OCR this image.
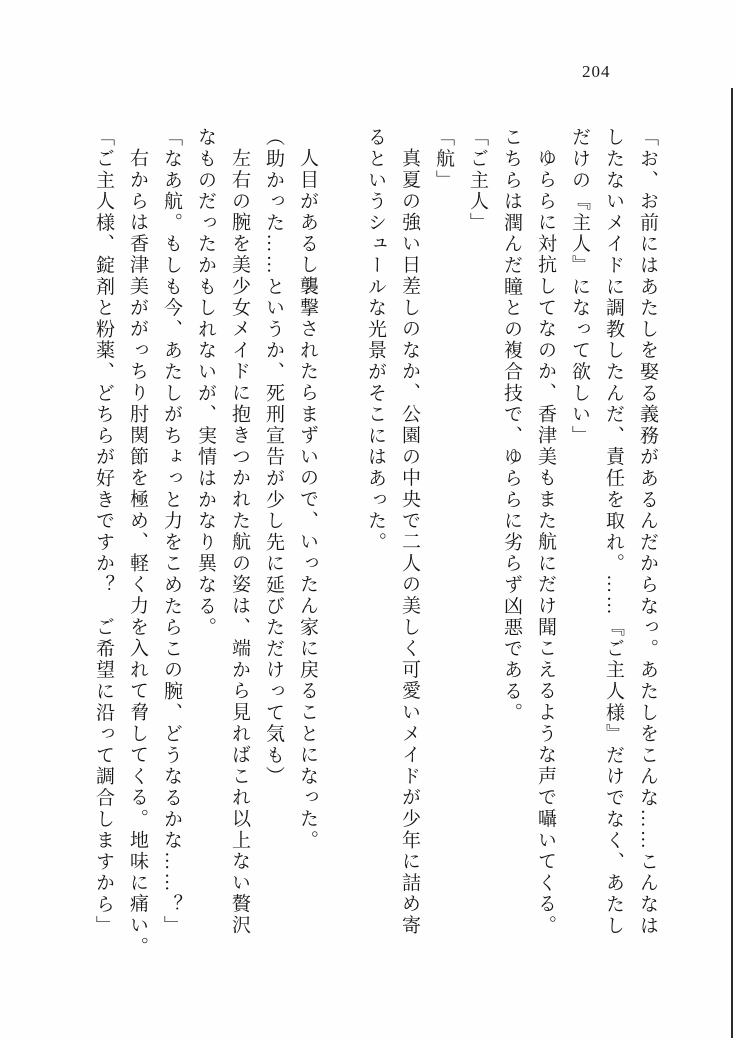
204

「お、お前にはあたしを娶る義務があるんだからなっ。あたしをこんな……こんなは

したないメイドに調教したんだ、責任を取れ。……『ご主人様』だけでなく、あたし

だけの『主人』になって欲しい」

ゆららに対抗してなのか、香津美もまた航にだけ聞こえるような声で囁いてくる。

こちらは潤んだ瞳との複合技で、ゆららに劣らず凶悪である。

「ご主人」

「航」

真夏の強い日差しのなか、公園の中央で二人の美しく可愛いメイドが少年に詰め寄

るというシュールな光景がそこにはあった。

人目があるし襲撃されたらまずいので、いったん家に戻ることになった。

（助かった……というか、死刑宣告が少し先に延びただけって気も）

左右の腕を美少女メイドに抱きつかれた航の姿は、端から見ればこれ以上ない贅沢

なものだったかもしれないが、実情はかなり異なる。

「なあ航。もしも今、あたしがちょっと力をこめたらこの腕、どうなるかな……？」

右からは香津美ががっちり肘関節を極め、軽く力を入れて脅してくる。地味に痛い。

「ご主人様、錠剤と粉薬、どちらが好きですか？　ご希望に沿って調合しますから」
